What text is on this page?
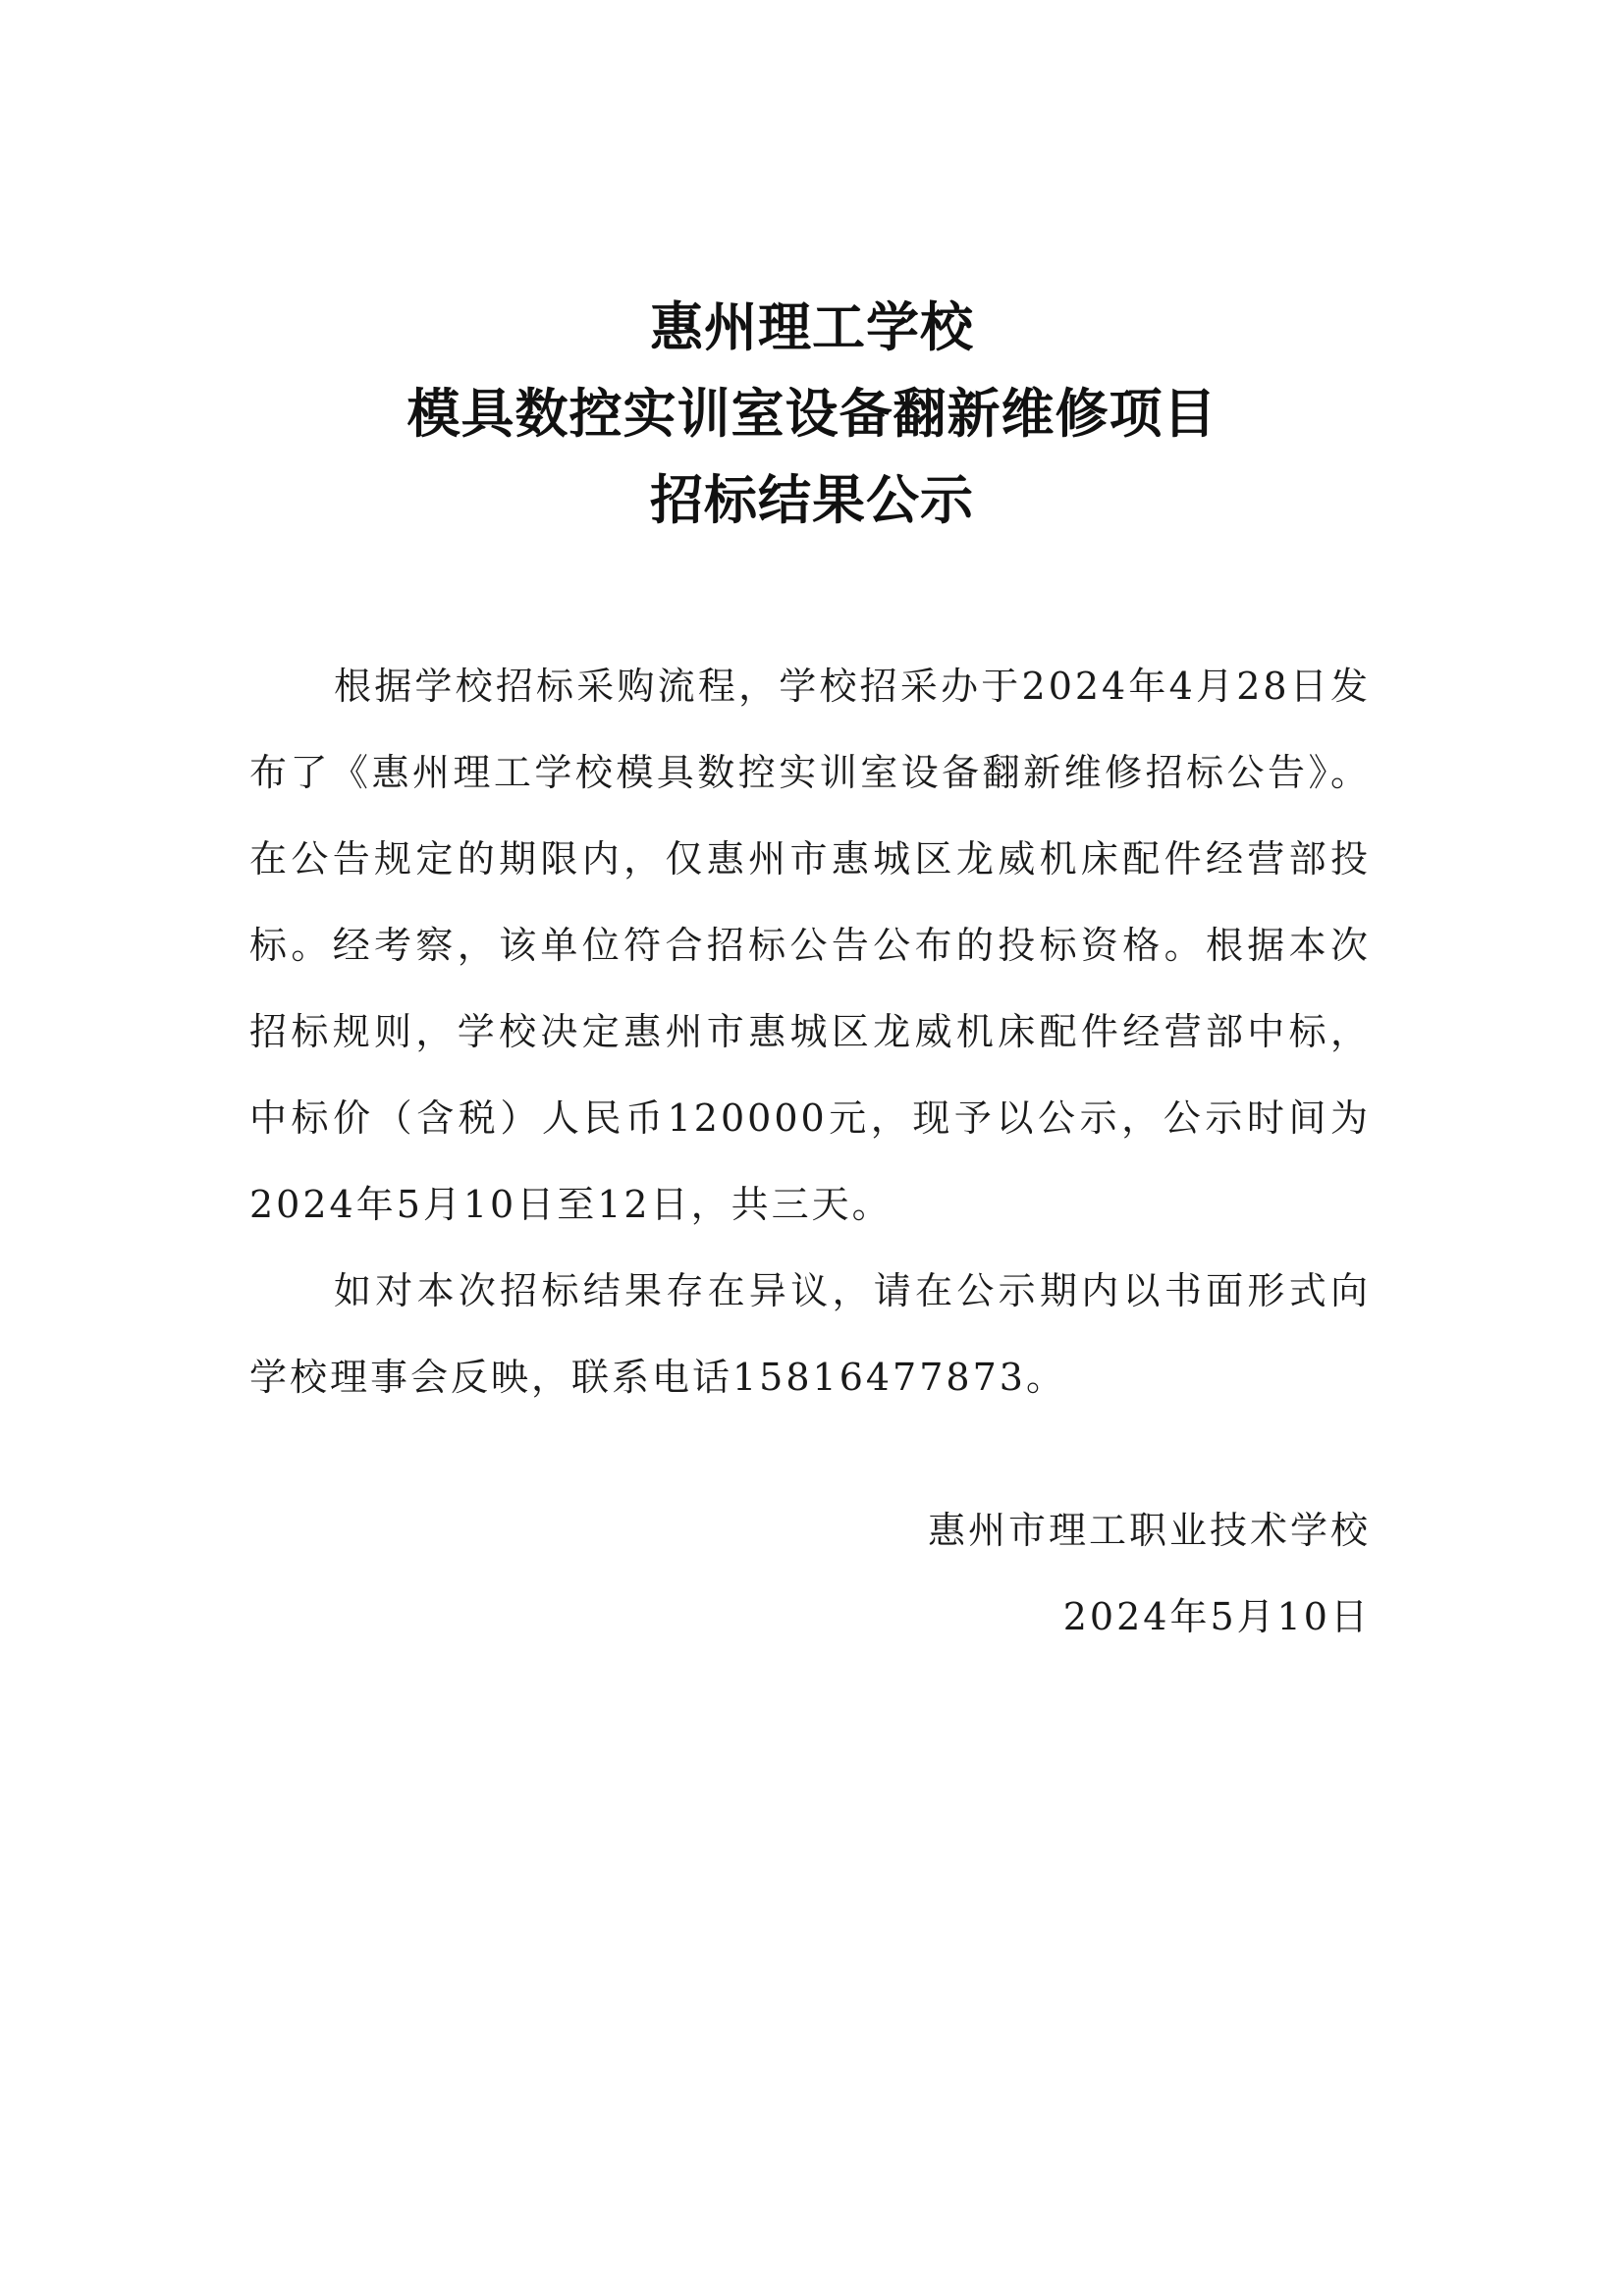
惠州理工学校
模具数控实训室设备翻新维修项目
招标结果公示

根据学校招标采购流程，学校招采办于2024年4月28日发布了《惠州理工学校模具数控实训室设备翻新维修招标公告》。在公告规定的期限内，仅惠州市惠城区龙威机床配件经营部投标。经考察，该单位符合招标公告公布的投标资格。根据本次招标规则，学校决定惠州市惠城区龙威机床配件经营部中标，中标价（含税）人民币120000元，现予以公示，公示时间为2024年5月10日至12日，共三天。

如对本次招标结果存在异议，请在公示期内以书面形式向学校理事会反映，联系电话15816477873。

惠州市理工职业技术学校
2024年5月10日
